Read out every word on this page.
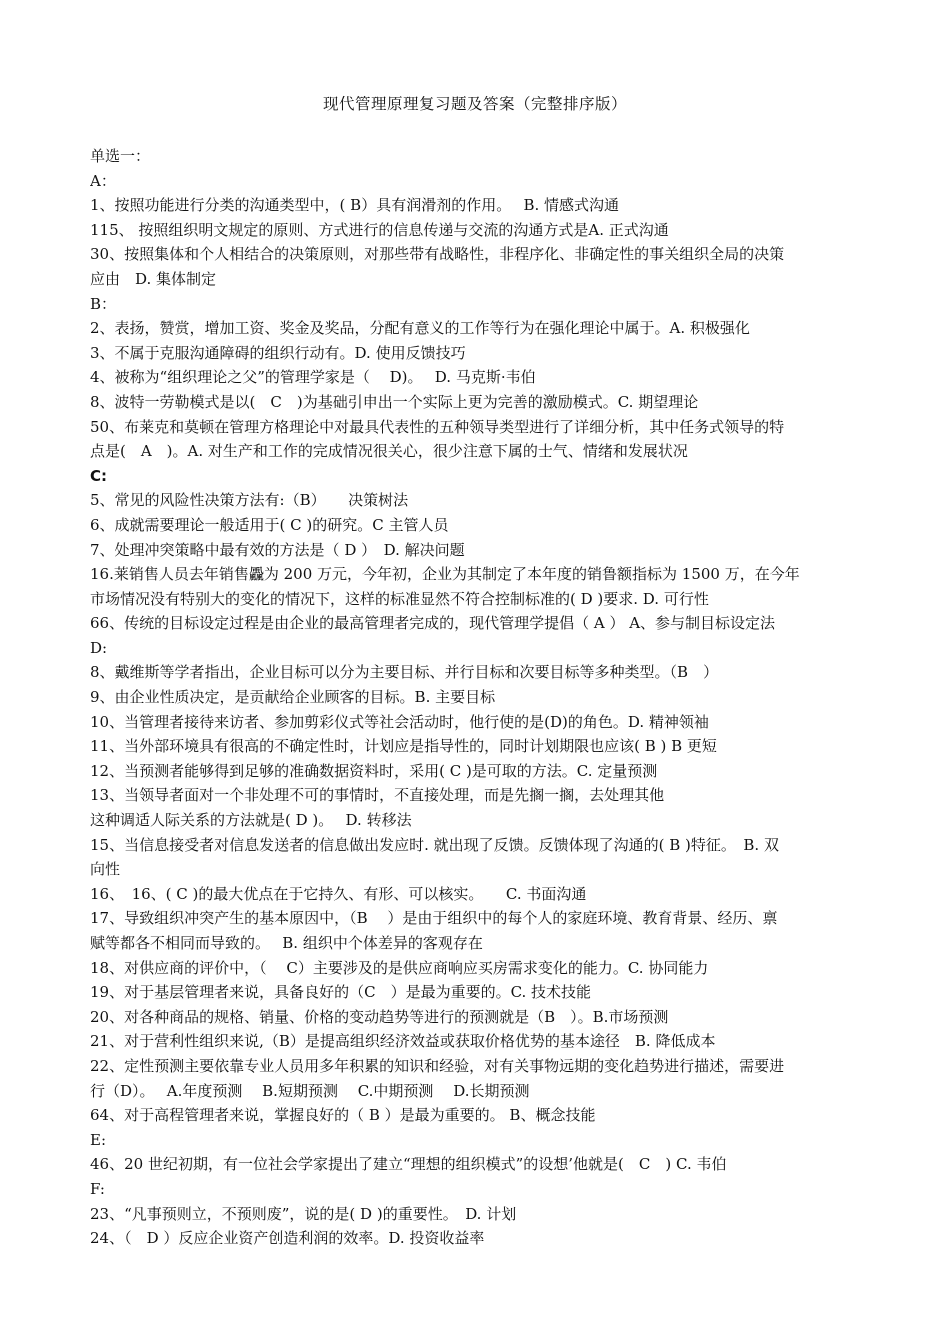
现代管理原理复习题及答案（完整排序版）
单选一：
A：
1、按照功能进行分类的沟通类型中，( B）具有润滑剂的作用。　 B. 情感式沟通
115、 按照组织明文规定的原则、方式进行的信息传递与交流的沟通方式是A. 正式沟通
30、按照集体和个人相结合的决策原则，对那些带有战略性，非程序化、非确定性的事关组织全局的决策
应由　D. 集体制定
B：
2、表扬，赞赏，增加工资、奖金及奖品，分配有意义的工作等行为在强化理论中属于。A. 积极强化
3、不属于克服沟通障碍的组织行动有。D. 使用反馈技巧
4、被称为“组织理论之父”的管理学家是（　 D)。　 D. 马克斯·韦伯
8、波特一劳勒模式是以(　C　)为基础引申出一个实际上更为完善的激励模式。C. 期望理论
50、布莱克和莫顿在管理方格理论中对最具代表性的五种领导类型进行了详细分析，其中任务式领导的特
点是(　A　)。A. 对生产和工作的完成情况很关心，很少注意下属的士气、情绪和发展状况
C:
5、常见的风险性决策方法有:（B）　　决策树法
6、成就需要理论一般适用于( C )的研究。C 主管人员
7、处理冲突策略中最有效的方法是（ D ）　D. 解决问题
16.莱销售人员去年销售飍为 200 万元，今年初，企业为其制定了本年度的销鲁额指标为 1500 万，在今年
市场情况没有特别大的变化的情况下，这样的标准显然不符合控制标准的( D )要求. D. 可行性
66、传统的目标设定过程是由企业的最高管理者完成的，现代管理学提倡（ A ） A、参与制目标设定法
D:
8、戴维斯等学者指出，企业目标可以分为主要目标、并行目标和次要目标等多种类型。（B　）
9、由企业性质决定，是贡献给企业顾客的目标。B. 主要目标
10、当管理者接待来访者、参加剪彩仪式等社会活动时，他行使的是(D)的角色。D. 精神领袖
11、当外部环境具有很高的不确定性时，计划应是指导性的，同时计划期限也应该( B ) B 更短
12、当预测者能够得到足够的准确数据资料时，采用( C )是可取的方法。C. 定量预测
13、当领导者面对一个非处理不可的事情时，不直接处理，而是先搁一搁，去处理其他
这种调适人际关系的方法就是( D )。　 D. 转移法
15、当信息接受者对信息发送者的信息做出发应时. 就出现了反馈。反馈体现了沟通的( B )特征。　B. 双
向性
16、　16、( C )的最大优点在于它持久、有形、可以核实。　　C. 书面沟通
17、导致组织冲突产生的基本原因中，（B　 ）是由于组织中的每个人的家庭环境、教育背景、经历、禀
赋等都各不相同而导致的。　 B. 组织中个体差异的客观存在
18、对供应商的评价中，（　 C）主要涉及的是供应商响应买房需求变化的能力。C. 协同能力
19、对于基层管理者来说，具备良好的（C　）是最为重要的。C. 技术技能
20、对各种商品的规格、销量、价格的变动趋势等进行的预测就是（B　）。B.市场预测
21、对于营利性组织来说,（B）是提高组织经济效益或获取价格优势的基本途径　B. 降低成本
22、定性预测主要依靠专业人员用多年积累的知识和经验，对有关事物远期的变化趋势进行描述，需要进
行（D）。　 A.年度预测　 B.短期预测　 C.中期预测　 D.长期预测
64、对于高程管理者来说，掌握良好的（ B ）是最为重要的。 B、概念技能
E:
46、20 世纪初期，有一位社会学家提出了建立“理想的组织模式”的设想’他就是(　C　) C. 韦伯
F:
23、“凡事预则立，不预则废”，说的是( D )的重要性。　D. 计划
24、（　D ）反应企业资产创造利润的效率。D. 投资收益率
